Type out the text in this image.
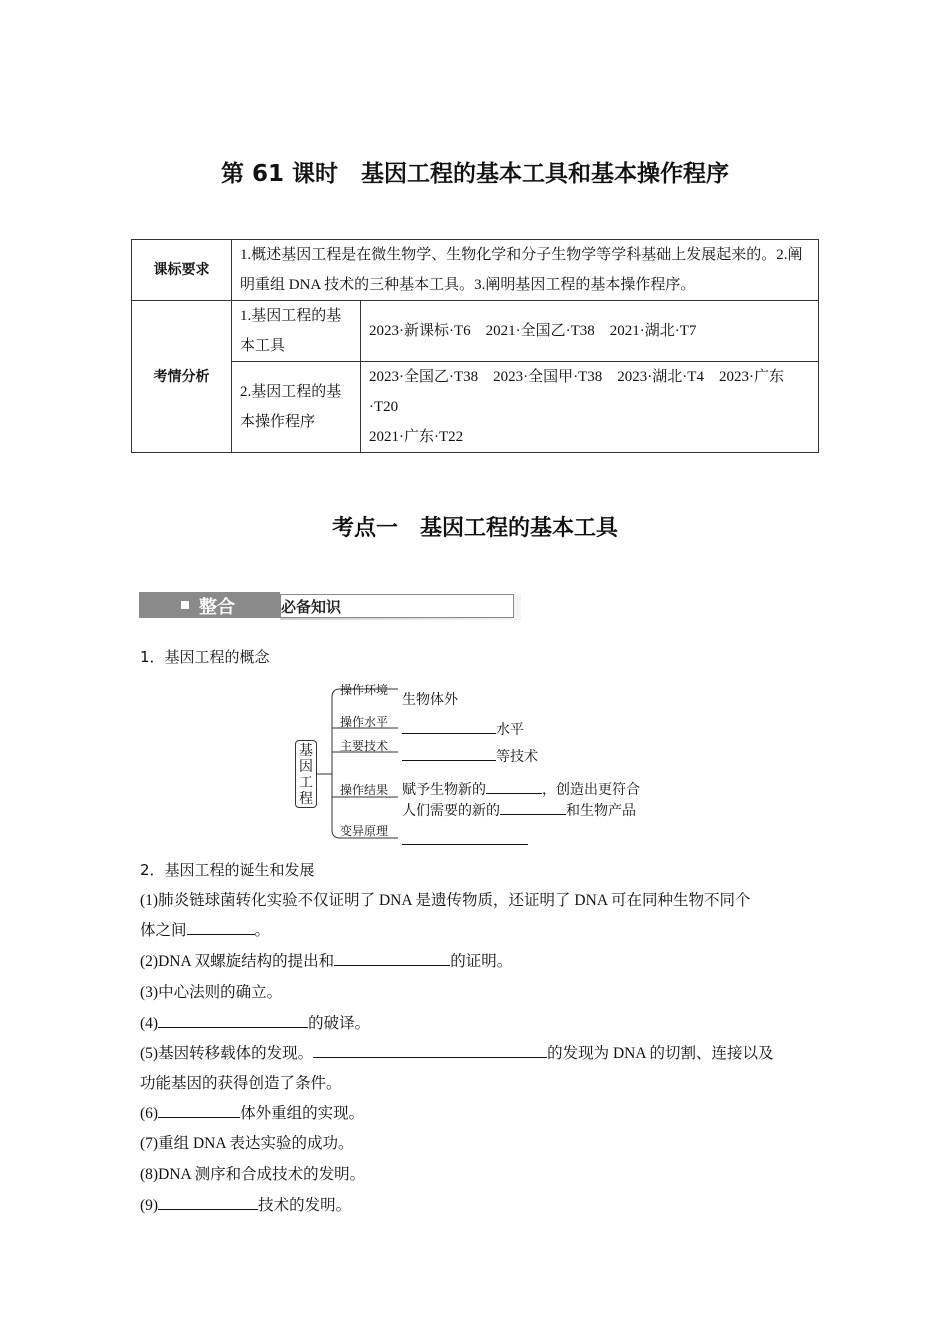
第 61 课时　基因工程的基本工具和基本操作程序
课标要求	1.概述基因工程是在微生物学、生物化学和分子生物学等学科基础上发展起来的。2.阐明重组 DNA 技术的三种基本工具。3.阐明基因工程的基本操作程序。	
考情分析	1.基因工程的基本工具	2023·新课标·T6　2021·全国乙·T38　2021·湖北·T7
	2.基因工程的基本操作程序	2023·全国乙·T38　2023·全国甲·T38　2023·湖北·T4　2023·广东·T20
2021·广东·T22
考点一　基因工程的基本工具
整合	必备知识
1．基因工程的概念
基因工程
操作环境
生物体外
操作水平	水平
主要技术
等技术
操作结果 赋予生物新的	，创造出更符合
人们需要的新的	和生物产品
变异原理
2．基因工程的诞生和发展
(1)肺炎链球菌转化实验不仅证明了 DNA 是遗传物质，还证明了 DNA 可在同种生物不同个
体之间	。
(2)DNA 双螺旋结构的提出和	的证明。
(3)中心法则的确立。
(4)	的破译。
(5)基因转移载体的发现。	的发现为 DNA 的切割、连接以及
功能基因的获得创造了条件。
(6)	体外重组的实现。
(7)重组 DNA 表达实验的成功。
(8)DNA 测序和合成技术的发明。
(9)	技术的发明。
